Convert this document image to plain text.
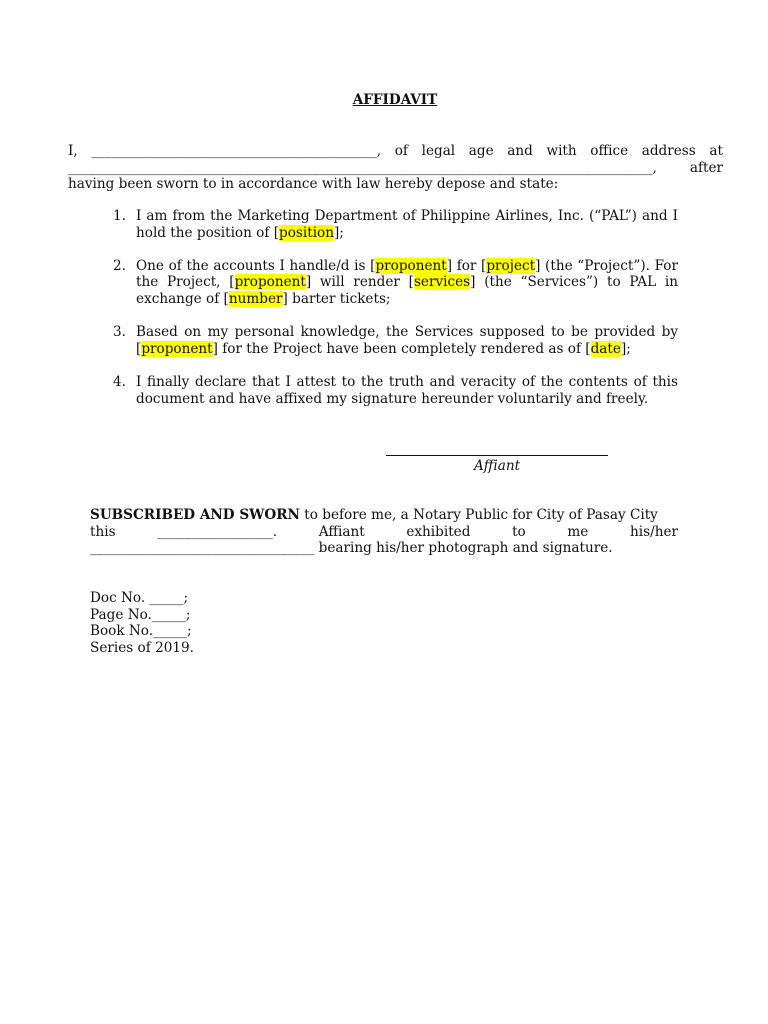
AFFIDAVIT
I, __________________________________________, of legal age and with office address at
______________________________________________________________________________________, after
having been sworn to in accordance with law hereby depose and state:
1. I am from the Marketing Department of Philippine Airlines, Inc. (“PAL”) and I hold the position of [position];
2. One of the accounts I handle/d is [proponent] for [project] (the “Project”). For the Project, [proponent] will render [services] (the “Services”) to PAL in exchange of [number] barter tickets;
3. Based on my personal knowledge, the Services supposed to be provided by [proponent] for the Project have been completely rendered as of [date];
4. I finally declare that I attest to the truth and veracity of the contents of this document and have affixed my signature hereunder voluntarily and freely.
Affiant
SUBSCRIBED AND SWORN to before me, a Notary Public for City of Pasay City
this	_________________.	Affiant	exhibited	to	me	his/her
_________________________________ bearing his/her photograph and signature.
Doc No. _____;
Page No._____;
Book No._____;
Series of 2019.
